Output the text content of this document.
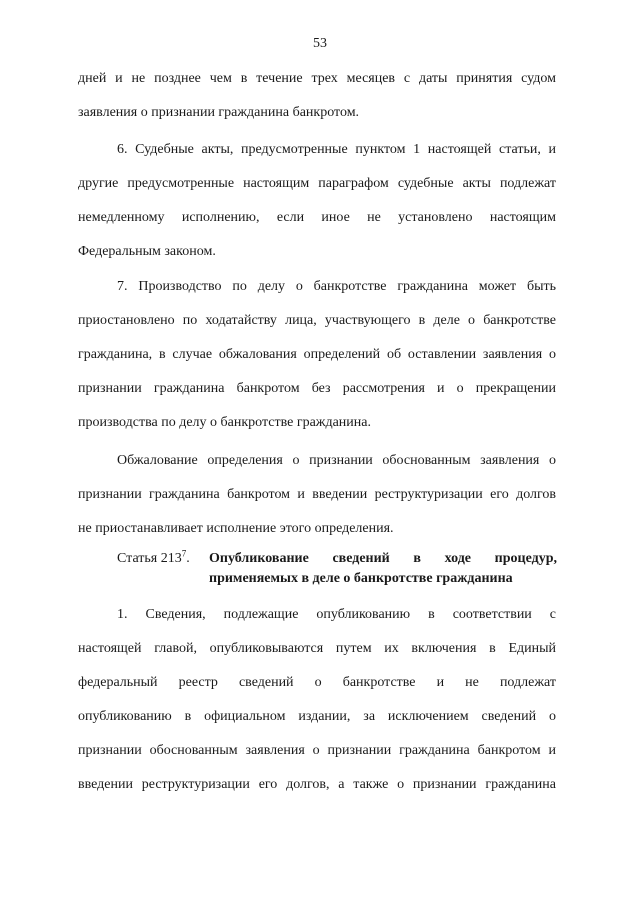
53
дней и не позднее чем в течение трех месяцев с даты принятия судом
заявления о признании гражданина банкротом.
6. Судебные акты, предусмотренные пунктом 1 настоящей статьи, и
другие предусмотренные настоящим параграфом судебные акты подлежат
немедленному исполнению, если иное не установлено настоящим
Федеральным законом.
7. Производство по делу о банкротстве гражданина может быть
приостановлено по ходатайству лица, участвующего в деле о банкротстве
гражданина, в случае обжалования определений об оставлении заявления о
признании гражданина банкротом без рассмотрения и о прекращении
производства по делу о банкротстве гражданина.
Обжалование определения о признании обоснованным заявления о
признании гражданина банкротом и введении реструктуризации его долгов
не приостанавливает исполнение этого определения.
Статья $213^7$. Опубликование сведений в ходе процедур,
применяемых в деле о банкротстве гражданина
1. Сведения, подлежащие опубликованию в соответствии с
настоящей главой, опубликовываются путем их включения в Единый
федеральный реестр сведений о банкротстве и не подлежат
опубликованию в официальном издании, за исключением сведений о
признании обоснованным заявления о признании гражданина банкротом и
введении реструктуризации его долгов, а также о признании гражданина
